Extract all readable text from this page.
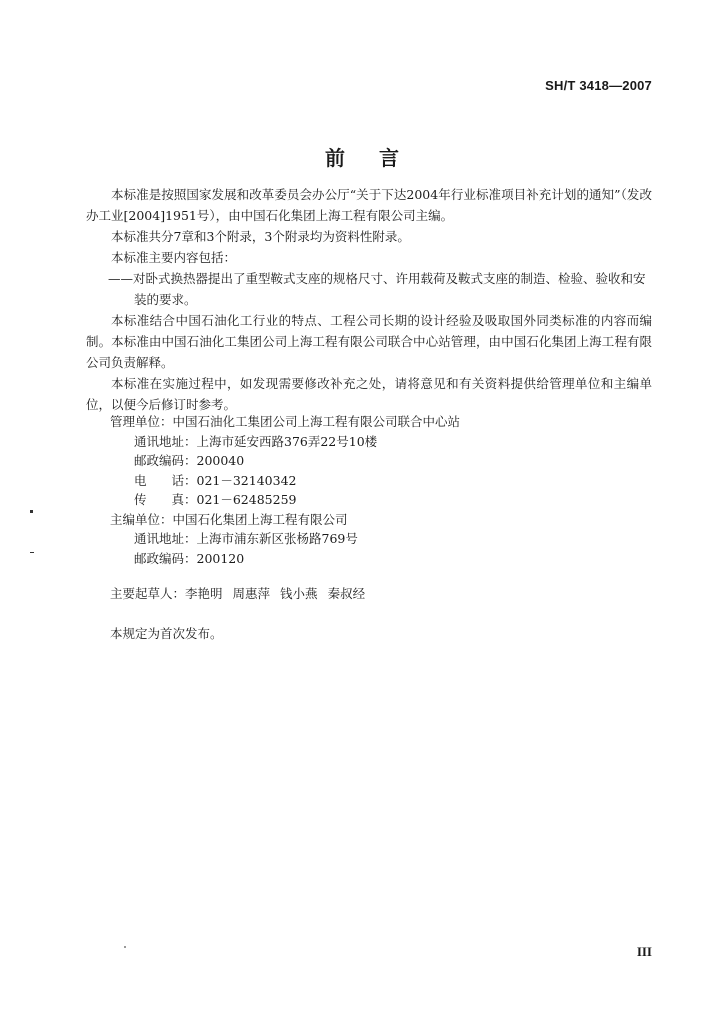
SH/T 3418—2007
前言

本标准是按照国家发展和改革委员会办公厅“关于下达2004年行业标准项目补充计划的通知”（发改办工业[2004]1951号），由中国石化集团上海工程有限公司主编。

本标准共分7章和3个附录，3个附录均为资料性附录。

本标准主要内容包括：

——对卧式换热器提出了重型鞍式支座的规格尺寸、许用载荷及鞍式支座的制造、检验、验收和安

装的要求。

本标准结合中国石油化工行业的特点、工程公司长期的设计经验及吸取国外同类标准的内容而编制。本标准由中国石油化工集团公司上海工程有限公司联合中心站管理，由中国石化集团上海工程有限公司负责解释。

本标准在实施过程中，如发现需要修改补充之处，请将意见和有关资料提供给管理单位和主编单位，以便今后修订时参考。

管理单位：中国石油化工集团公司上海工程有限公司联合中心站
通讯地址：上海市延安西路376弄22号10楼
邮政编码：200040
电　　话：021－32140342
传　　真：021－62485259
主编单位：中国石化集团上海工程有限公司
通讯地址：上海市浦东新区张杨路769号
邮政编码：200120
主要起草人：李艳明 周惠萍 钱小燕 秦叔经
本规定为首次发布。
III
